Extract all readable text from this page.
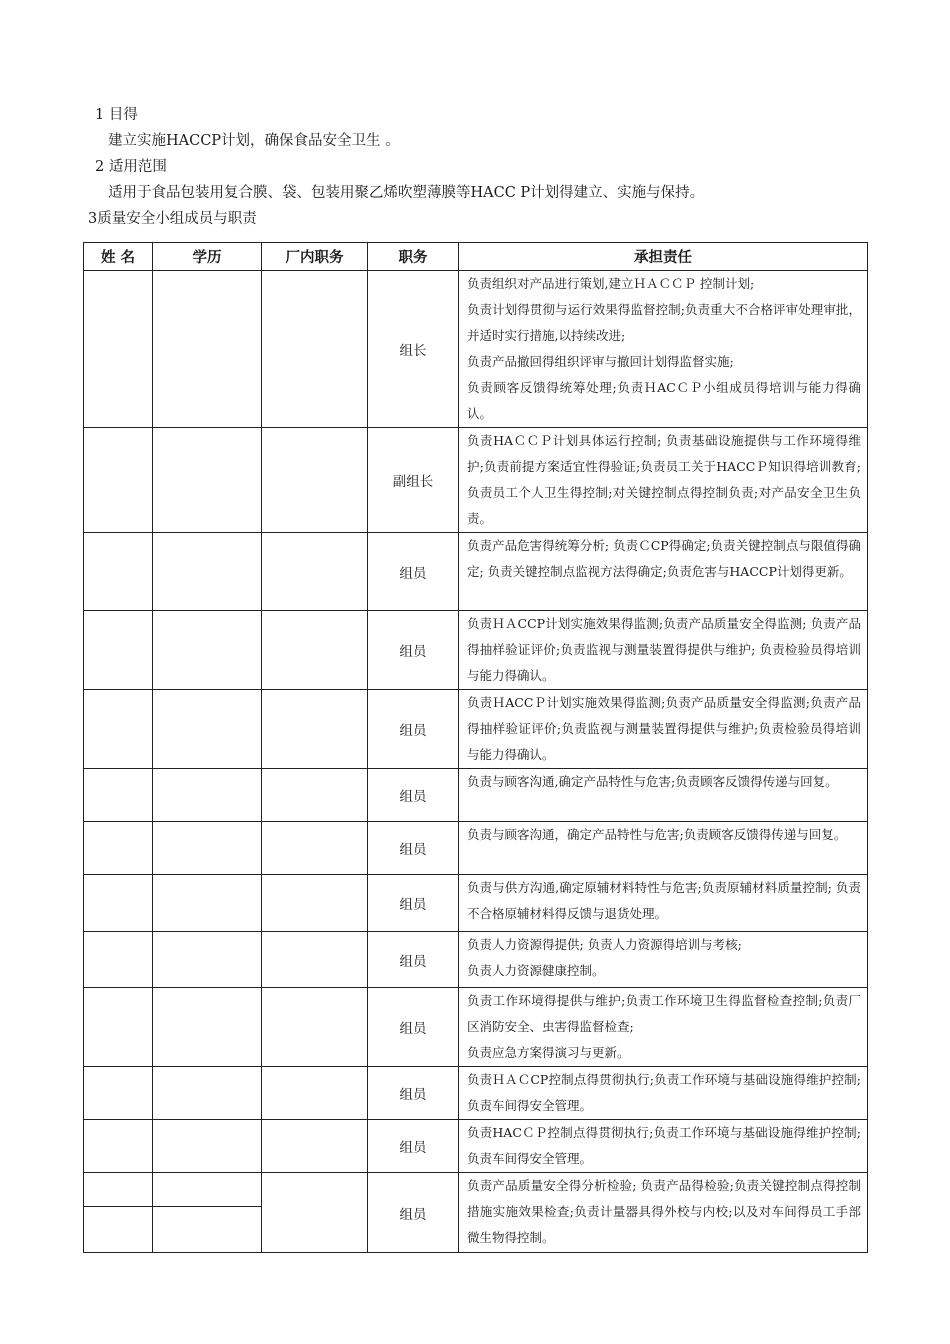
1 目得
建立实施HACCP计划，确保食品安全卫生 。
2 适用范围
适用于食品包装用复合膜、袋、包装用聚乙烯吹塑薄膜等HACC P计划得建立、实施与保持。
3质量安全小组成员与职责
姓 名	学历	厂内职务	职务	承担责任
			组长	负责组织对产品进行策划,建立ＨＡＣＣＰ 控制计划;
负责计划得贯彻与运行效果得监督控制;负责重大不合格评审处理审批，并适时实行措施,以持续改进;
负责产品撤回得组织评审与撤回计划得监督实施;
负责顾客反馈得统筹处理;负责ＨACＣＰ小组成员得培训与能力得确认。

			副组长	负责HAＣＣＰ计划具体运行控制; 负责基础设施提供与工作环境得维护;负责前提方案适宜性得验证;负责员工关于HACCＰ知识得培训教育;负责员工个人卫生得控制;对关键控制点得控制负责;对产品安全卫生负责。

			组员	负责产品危害得统筹分析; 负责ＣCP得确定;负责关键控制点与限值得确定; 负责关键控制点监视方法得确定;负责危害与HACCP计划得更新。

			组员	负责ＨＡCCP计划实施效果得监测;负责产品质量安全得监测; 负责产品得抽样验证评价;负责监视与测量装置得提供与维护; 负责检验员得培训与能力得确认。

			组员	负责ＨACCＰ计划实施效果得监测;负责产品质量安全得监测;负责产品得抽样验证评价;负责监视与测量装置得提供与维护;负责检验员得培训与能力得确认。

			组员	负责与顾客沟通,确定产品特性与危害;负责顾客反馈得传递与回复。

			组员	负责与顾客沟通，确定产品特性与危害;负责顾客反馈得传递与回复。

			组员	负责与供方沟通,确定原辅材料特性与危害;负责原辅材料质量控制; 负责不合格原辅材料得反馈与退货处理。

			组员	负责人力资源得提供; 负责人力资源得培训与考核;
负责人力资源健康控制。

			组员	负责工作环境得提供与维护;负责工作环境卫生得监督检查控制;负责厂区消防安全、虫害得监督检查;
负责应急方案得演习与更新。

			组员	负责ＨＡＣCP控制点得贯彻执行;负责工作环境与基础设施得维护控制;负责车间得安全管理。

			组员	负责HACＣＰ控制点得贯彻执行;负责工作环境与基础设施得维护控制;负责车间得安全管理。

			组员	负责产品质量安全得分析检验; 负责产品得检验;负责关键控制点得控制措施实施效果检查;负责计量器具得外校与内校;以及对车间得员工手部微生物得控制。
